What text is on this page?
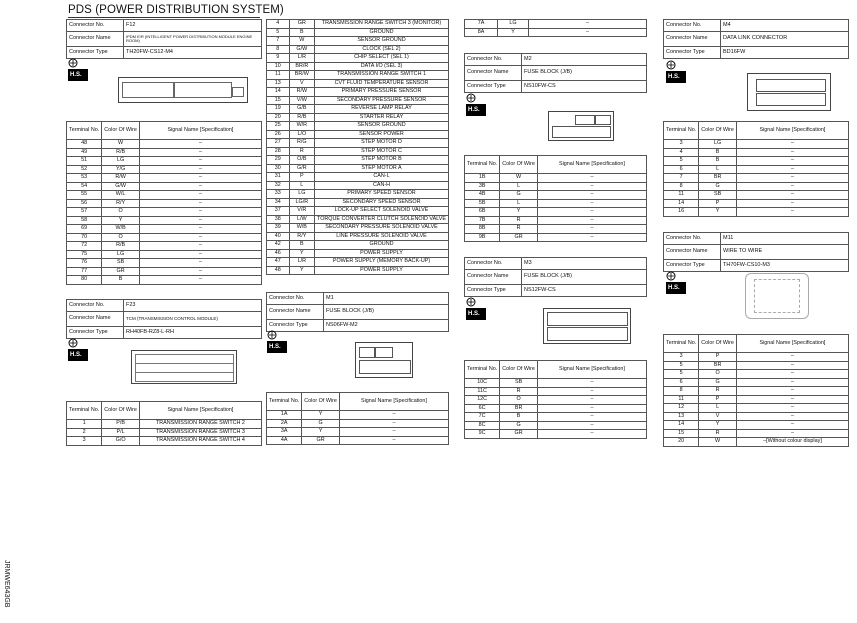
PDS (POWER DISTRIBUTION SYSTEM)
Connector No.	F12
Connector Name	IPDM E/R (INTELLIGENT POWER DISTRIBUTION MODULE ENGINE ROOM)
Connector Type	TH20FW-CS12-M4
H.S.
Terminal No.	Color Of Wire	Signal Name [Specification]
48	W	–
49	R/B	–
51	LG	–
52	Y/G	–
53	R/W	–
54	G/W	–
55	W/L	–
56	R/Y	–
57	O	–
58	Y	–
69	W/B	–
70	O	–
72	R/B	–
75	LG	–
76	SB	–
77	GR	–
80	B	–
Connector No.	F23
Connector Name	TCM (TRANSMISSION CONTROL MODULE)
Connector Type	RH40FB-RZ8-L-RH
H.S.
Terminal No.	Color Of Wire	Signal Name [Specification]
1	P/B	TRANSMISSION RANGE SWITCH 2
2	P/L	TRANSMISSION RANGE SWITCH 3
3	G/O	TRANSMISSION RANGE SWITCH 4
4	GR	TRANSMISSION RANGE SWITCH 3 (MONITOR)
5	B	GROUND
7	W	SENSOR GROUND
8	G/W	CLOCK (SEL 2)
9	L/R	CHIP SELECT (SEL 1)
10	BR/R	DATA I/O (SEL 3)
11	BR/W	TRANSMISSION RANGE SWITCH 1
13	V	CVT FLUID TEMPERATURE SENSOR
14	R/W	PRIMARY PRESSURE SENSOR
15	V/W	SECONDARY PRESSURE SENSOR
19	G/B	REVERSE LAMP RELAY
20	R/B	STARTER RELAY
25	W/R	SENSOR GROUND
26	L/O	SENSOR POWER
27	R/G	STEP MOTOR D
28	R	STEP MOTOR C
29	O/B	STEP MOTOR B
30	G/R	STEP MOTOR A
31	P	CAN-L
32	L	CAN-H
33	LG	PRIMARY SPEED SENSOR
34	LG/R	SECONDARY SPEED SENSOR
37	V/R	LOCK-UP SELECT SOLENOID VALVE
38	L/W	TORQUE CONVERTER CLUTCH SOLENOID VALVE
39	W/B	SECONDARY PRESSURE SOLENOID VALVE
40	R/Y	LINE PRESSURE SOLENOID VALVE
42	B	GROUND
46	Y	POWER SUPPLY
47	L/R	POWER SUPPLY (MEMORY BACK-UP)
48	Y	POWER SUPPLY
Connector No.	M1
Connector Name	FUSE BLOCK (J/B)
Connector Type	NS06FW-M2
H.S.
Terminal No.	Color Of Wire	Signal Name [Specification]
1A	Y	–
2A	G	–
3A	Y	–
4A	GR	–
7A	LG	–
8A	Y	–
Connector No.	M2
Connector Name	FUSE BLOCK (J/B)
Connector Type	NS10FW-CS
H.S.
Terminal No.	Color Of Wire	Signal Name [Specification]
1B	W	–
3B	L	–
4B	G	–
5B	L	–
6B	Y	–
7B	R	–
8B	R	–
9B	GR	–
Connector No.	M3
Connector Name	FUSE BLOCK (J/B)
Connector Type	NS12FW-CS
H.S.
Terminal No.	Color Of Wire	Signal Name [Specification]
10C	SB	–
11C	R	–
12C	O	–
6C	BR	–
7C	B	–
8C	G	–
9C	GR	–
Connector No.	M4
Connector Name	DATA LINK CONNECTOR
Connector Type	BD16FW
H.S.
Terminal No.	Color Of Wire	Signal Name [Specification]
3	LG	–
4	B	–
5	B	–
6	L	–
7	BR	–
8	G	–
11	SB	–
14	P	–
16	Y	–
Connector No.	M11
Connector Name	WIRE TO WIRE
Connector Type	TH70FW-CS10-M3
H.S.
Terminal No.	Color Of Wire	Signal Name [Specification]
3	P	–
5	BR	–
5	O	–
6	G	–
8	R	–
11	P	–
12	L	–
13	V	–
14	Y	–
15	R	–
20	W	–[Without colour display]
JRMWE643GB
